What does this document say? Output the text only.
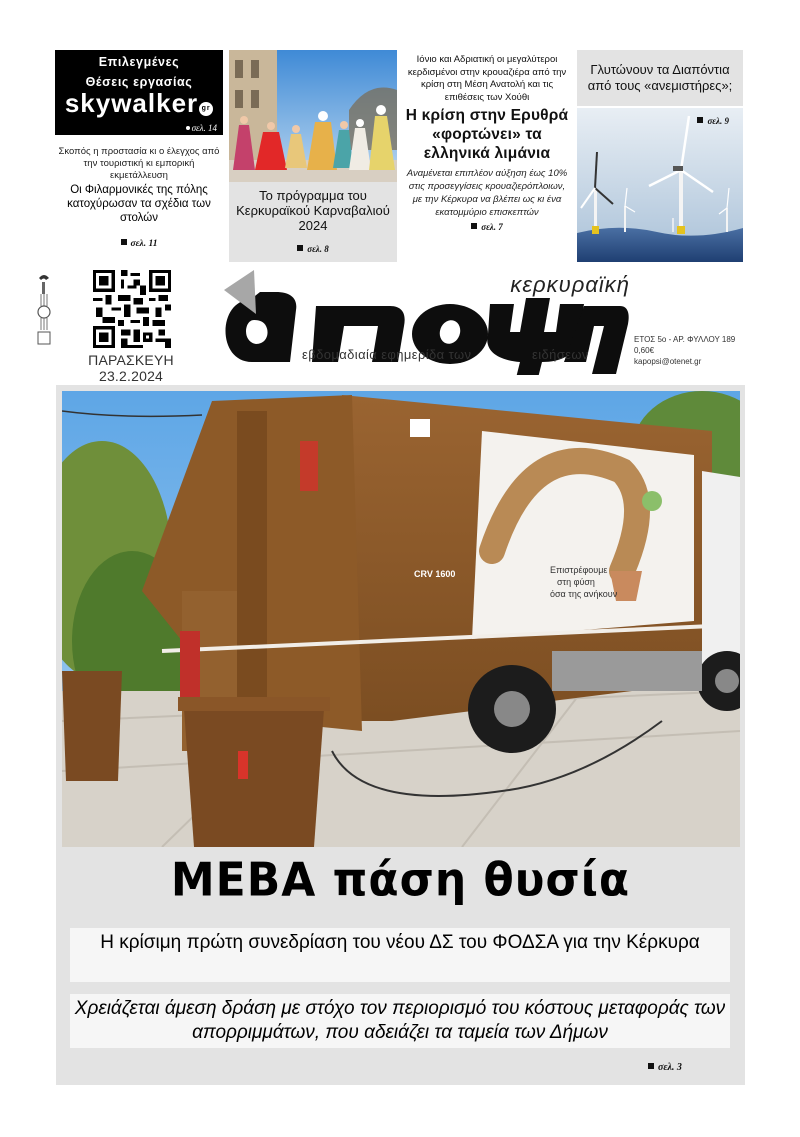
Επιλεγμένες
Θέσεις εργασίας
skywalker gr
σελ. 14
Σκοπός η προστασία κι ο έλεγχος από την τουριστική κι εμπορική εκμετάλλευση
Οι Φιλαρμονικές της πόλης κατοχύρωσαν τα σχέδια των στολών
σελ. 11
Το πρόγραμμα του Κερκυραϊκού Καρναβαλιού 2024
σελ. 8
Ιόνιο και Αδριατική οι μεγαλύτεροι κερδισμένοι στην κρουαζιέρα από την κρίση στη Μέση Ανατολή και τις επιθέσεις των Χούθι
Η κρίση στην Ερυθρά «φορτώνει» τα ελληνικά λιμάνια
Αναμένεται επιπλέον αύξηση έως 10% στις προσεγγίσεις κρουαζιερόπλοιων, με την Κέρκυρα να βλέπει ως κι ένα εκατομμύριο επισκεπτών
σελ. 7
Γλυτώνουν τα Διαπόντια από τους «ανεμιστήρες»;
σελ. 9
ΠΑΡΑΣΚΕΥΗ 23.2.2024
κερκυραϊκή
εβδομαδιαία εφημερίδα των	ειδήσεων
ΕΤΟΣ 5ο - ΑΡ. ΦΥΛΛΟΥ 189
0,60€
kapopsi@otenet.gr
Επιστρέφουμε
στη φύση
όσα της ανήκουν
CRV 1600
ΜΕΒΑ πάση θυσία
Η κρίσιμη πρώτη συνεδρίαση του νέου ΔΣ του ΦΟΔΣΑ για την Κέρκυρα
Χρειάζεται άμεση δράση με στόχο τον περιορισμό του κόστους μεταφοράς των απορριμμάτων, που αδειάζει τα ταμεία των Δήμων
σελ. 3
